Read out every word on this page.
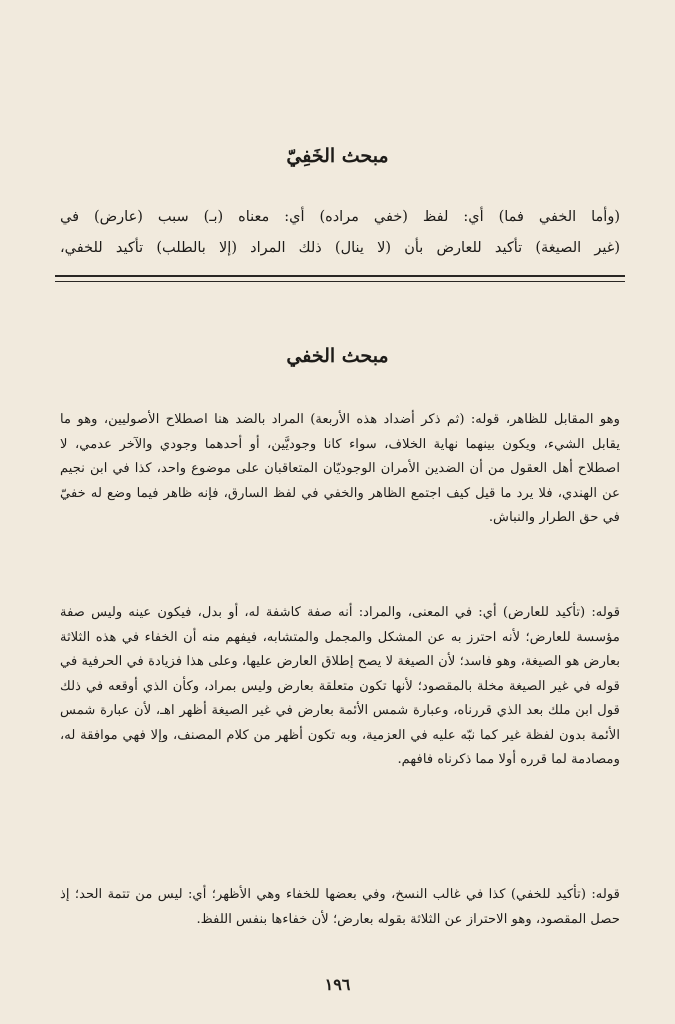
مبحث الخَفِيّ
(وأما الخفي فما) أي: لفظ (خفي مراده) أي: معناه (بـ) سبب (عارض) في
(غير الصيغة) تأكيد للعارض بأن (لا ينال) ذلك المراد (إلا بالطلب) تأكيد للخفي،
مبحث الخفي
وهو المقابل للظاهر، قوله: (ثم ذكر أضداد هذه الأربعة) المراد بالضد هنا اصطلاح الأصوليين، وهو ما يقابل الشيء، ويكون بينهما نهاية الخلاف، سواء كانا وجوديَّين، أو أحدهما وجودي والآخر عدمي، لا اصطلاح أهل العقول من أن الضدين الأمران الوجوديّان المتعاقبان على موضوع واحد، كذا في ابن نجيم عن الهندي، فلا يرد ما قيل كيف اجتمع الظاهر والخفي في لفظ السارق، فإنه ظاهر فيما وضع له خفيّ في حق الطرار والنباش.
قوله: (تأكيد للعارض) أي: في المعنى، والمراد: أنه صفة كاشفة له، أو بدل، فيكون عينه وليس صفة مؤسسة للعارض؛ لأنه احترز به عن المشكل والمجمل والمتشابه، فيفهم منه أن الخفاء في هذه الثلاثة بعارض هو الصيغة، وهو فاسد؛ لأن الصيغة لا يصح إطلاق العارض عليها، وعلى هذا فزيادة في الحرفية في قوله في غير الصيغة مخلة بالمقصود؛ لأنها تكون متعلقة بعارض وليس بمراد، وكأن الذي أوقعه في ذلك قول ابن ملك بعد الذي قررناه، وعبارة شمس الأئمة بعارض في غير الصيغة أظهر اهـ، لأن عبارة شمس الأئمة بدون لفظة غير كما نبّه عليه في العزمية، وبه تكون أظهر من كلام المصنف، وإلا فهي موافقة له، ومصادمة لما قرره أولا مما ذكرناه فافهم.
قوله: (تأكيد للخفي) كذا في غالب النسخ، وفي بعضها للخفاء وهي الأظهر؛ أي: ليس من تتمة الحد؛ إذ حصل المقصود، وهو الاحتراز عن الثلاثة بقوله بعارض؛ لأن خفاءها بنفس اللفظ.
١٩٦
